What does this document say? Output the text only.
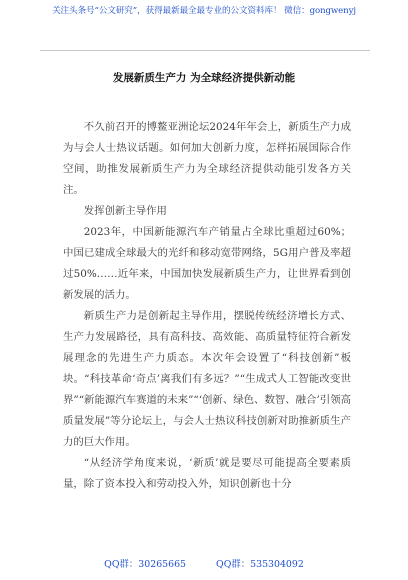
关注头条号“公文研究”，获得最新最全最专业的公文资料库！ 微信：gongwenyj
发展新质生产力 为全球经济提供新动能

不久前召开的博鳌亚洲论坛2024年年会上，新质生产力成为与会人士热议话题。如何加大创新力度，怎样拓展国际合作空间，助推发展新质生产力为全球经济提供动能引发各方关注。

发挥创新主导作用

2023年，中国新能源汽车产销量占全球比重超过60%；中国已建成全球最大的光纤和移动宽带网络，5G用户普及率超过50%……近年来，中国加快发展新质生产力，让世界看到创新发展的活力。

新质生产力是创新起主导作用，摆脱传统经济增长方式、生产力发展路径，具有高科技、高效能、高质量特征符合新发展理念的先进生产力质态。本次年会设置了“科技创新”板块。“科技革命‘奇点’离我们有多远？”“生成式人工智能改变世界”“新能源汽车赛道的未来”“‘创新、绿色、数智、融合’引领高质量发展”等分论坛上，与会人士热议科技创新对助推新质生产力的巨大作用。

“从经济学角度来说，‘新质’就是要尽可能提高全要素质量，除了资本投入和劳动投入外，知识创新也十分

QQ群：30265665	QQ群：535304092
